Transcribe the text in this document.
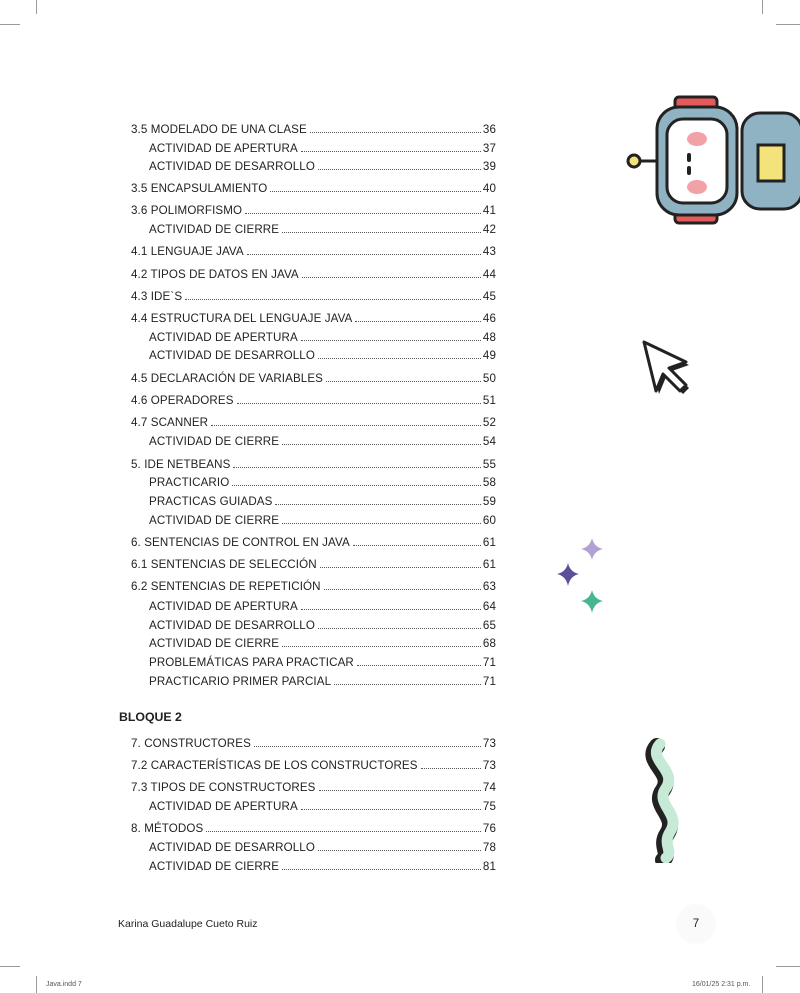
3.5 MODELADO DE UNA CLASE	36
ACTIVIDAD DE APERTURA	37
ACTIVIDAD DE DESARROLLO	39
3.5 ENCAPSULAMIENTO	40
3.6 POLIMORFISMO	41
ACTIVIDAD DE CIERRE	42
4.1 LENGUAJE JAVA	43
4.2 TIPOS DE DATOS EN JAVA	44
4.3 IDE`S	45
4.4 ESTRUCTURA DEL LENGUAJE JAVA	46
ACTIVIDAD DE APERTURA	48
ACTIVIDAD DE DESARROLLO	49
4.5 DECLARACIÓN DE VARIABLES	50
4.6 OPERADORES	51
4.7 SCANNER	52
ACTIVIDAD DE CIERRE	54
5. IDE NETBEANS	55
PRACTICARIO	58
PRACTICAS GUIADAS	59
ACTIVIDAD DE CIERRE	60
6. SENTENCIAS DE CONTROL EN JAVA	61
6.1 SENTENCIAS DE SELECCIÓN	61
6.2 SENTENCIAS DE REPETICIÓN	63
ACTIVIDAD DE APERTURA	64
ACTIVIDAD DE DESARROLLO	65
ACTIVIDAD DE CIERRE	68
PROBLEMÁTICAS PARA PRACTICAR	71
PRACTICARIO PRIMER PARCIAL	71
7. CONSTRUCTORES	73
7.2 CARACTERÍSTICAS DE LOS CONSTRUCTORES	73
7.3 TIPOS DE CONSTRUCTORES	74
ACTIVIDAD DE APERTURA	75
8. MÉTODOS	76
ACTIVIDAD DE DESARROLLO	78
ACTIVIDAD DE CIERRE	81
BLOQUE 2
Karina Guadalupe Cueto Ruiz	7
Java.indd 7	16/01/25 2:31 p.m.
